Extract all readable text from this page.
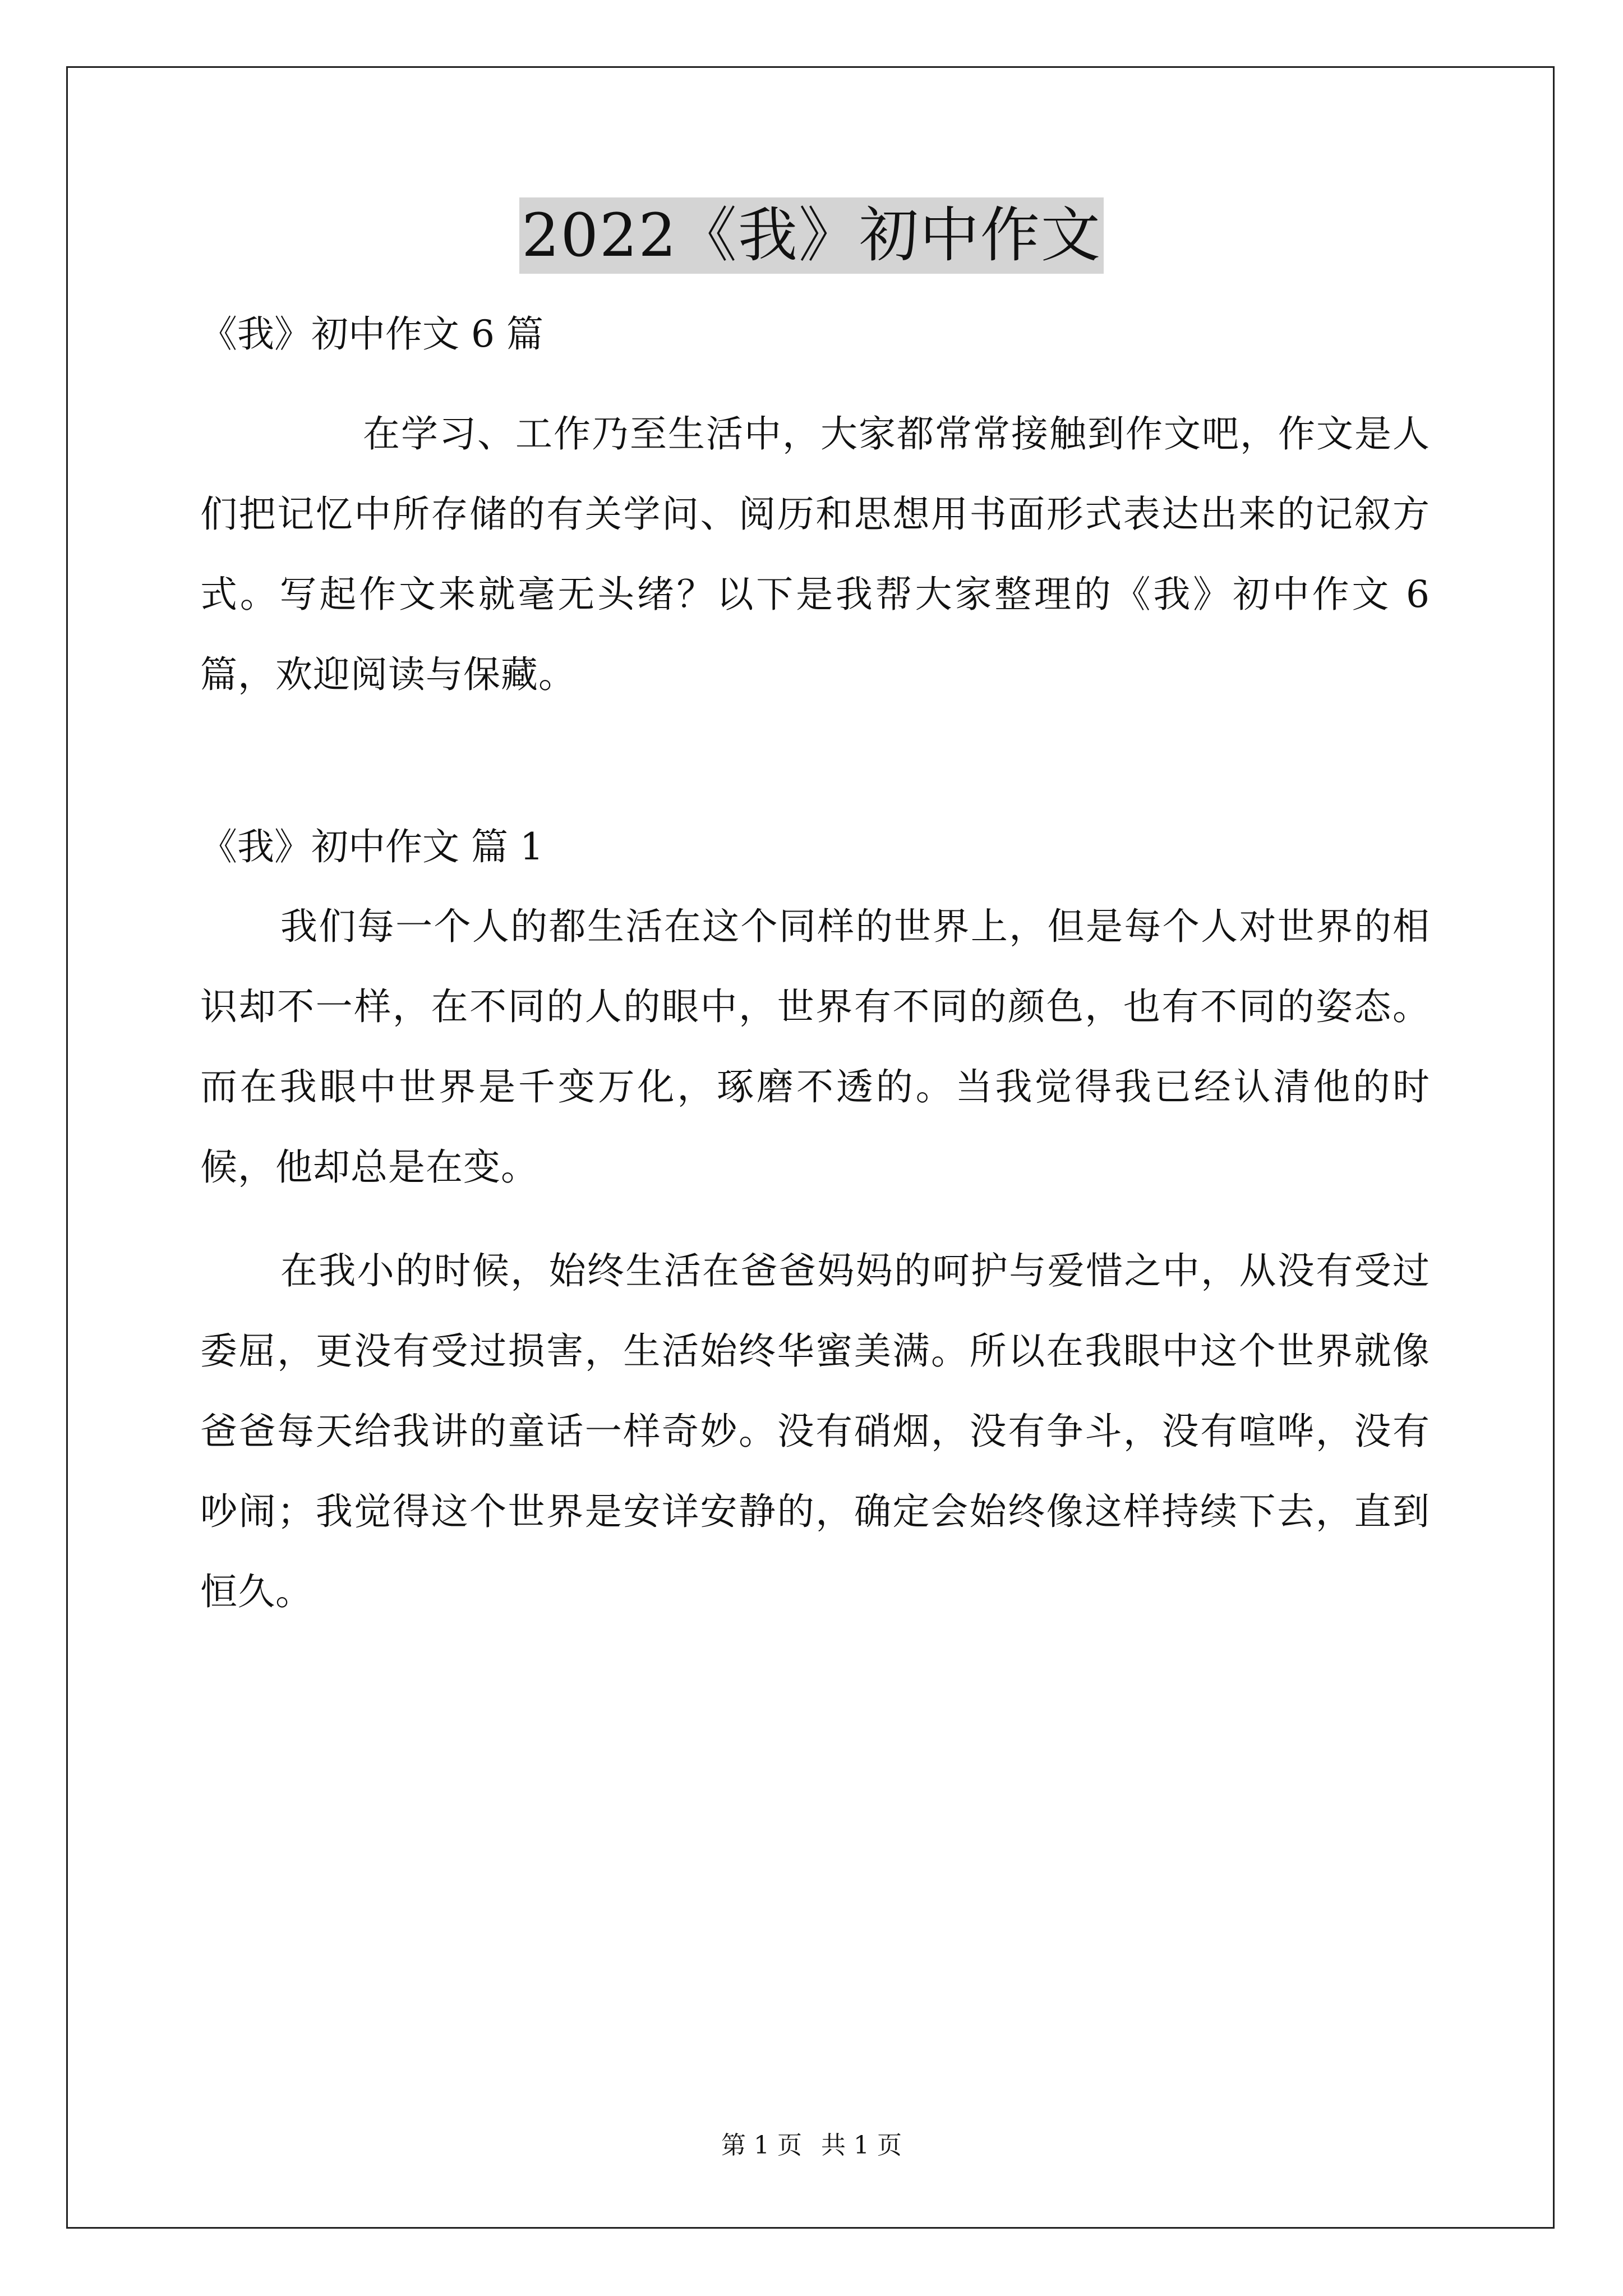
2022《我》初中作文

《我》初中作文 6 篇

在学习、工作乃至生活中，大家都常常接触到作文吧，作文是人们把记忆中所存储的有关学问、阅历和思想用书面形式表达出来的记叙方式。写起作文来就毫无头绪？以下是我帮大家整理的《我》初中作文 6 篇，欢迎阅读与保藏。

《我》初中作文 篇 1

我们每一个人的都生活在这个同样的世界上，但是每个人对世界的相识却不一样，在不同的人的眼中，世界有不同的颜色，也有不同的姿态。而在我眼中世界是千变万化，琢磨不透的。当我觉得我已经认清他的时候，他却总是在变。

在我小的时候，始终生活在爸爸妈妈的呵护与爱惜之中，从没有受过委屈，更没有受过损害，生活始终华蜜美满。所以在我眼中这个世界就像爸爸每天给我讲的童话一样奇妙。没有硝烟，没有争斗，没有喧哗，没有吵闹；我觉得这个世界是安详安静的，确定会始终像这样持续下去，直到恒久。

第 1 页 共 1 页
